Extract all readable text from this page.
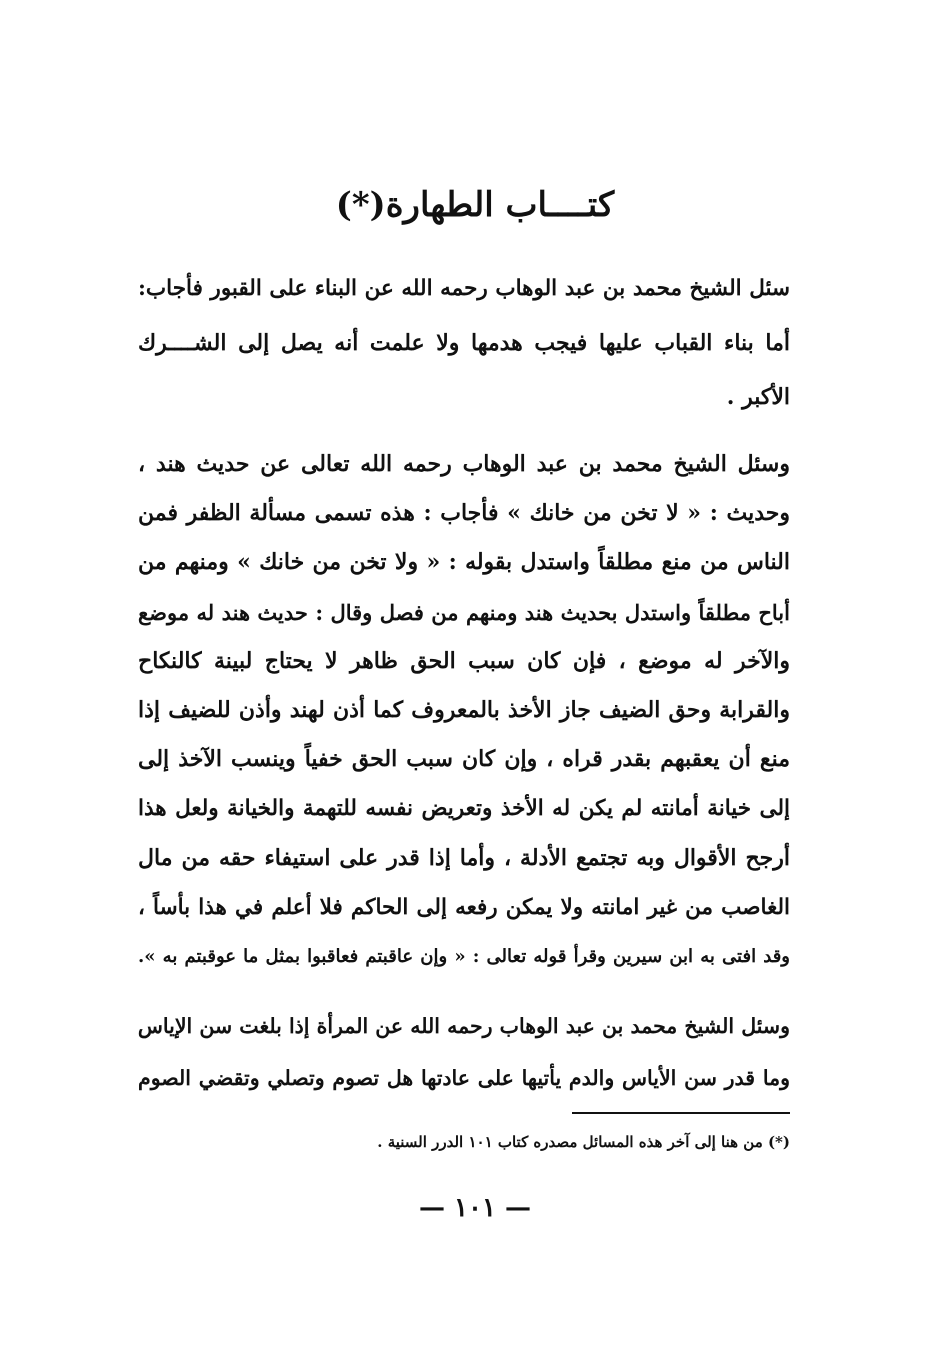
كتــــاب الطهارة(*)
سئل الشيخ محمد بن عبد الوهاب رحمه الله عن البناء على القبور فأجاب:
أما بناء القباب عليها فيجب هدمها ولا علمت أنه يصل إلى الشــــرك
الأكبر .
وسئل الشيخ محمد بن عبد الوهاب رحمه الله تعالى عن حديث هند ،
وحديث : « لا تخن من خانك » فأجاب : هذه تسمى مسألة الظفر فمن
الناس من منع مطلقاً واستدل بقوله : « ولا تخن من خانك » ومنهم من
أباح مطلقاً واستدل بحديث هند ومنهم من فصل وقال : حديث هند له موضع
والآخر له موضع ، فإن كان سبب الحق ظاهر لا يحتاج لبينة كالنكاح
والقرابة وحق الضيف جاز الأخذ بالمعروف كما أذن لهند وأذن للضيف إذا
منع أن يعقبهم بقدر قراه ، وإن كان سبب الحق خفياً وينسب الآخذ إلى
إلى خيانة أمانته لم يكن له الأخذ وتعريض نفسه للتهمة والخيانة ولعل هذا
أرجح الأقوال وبه تجتمع الأدلة ، وأما إذا قدر على استيفاء حقه من مال
الغاصب من غير امانته ولا يمكن رفعه إلى الحاكم فلا أعلم في هذا بأساً ،
وقد افتى به ابن سيرين وقرأ قوله تعالى : « وإن عاقبتم فعاقبوا بمثل ما عوقبتم به ».
وسئل الشيخ محمد بن عبد الوهاب رحمه الله عن المرأة إذا بلغت سن الإياس
وما قدر سن الأياس والدم يأتيها على عادتها هل تصوم وتصلي وتقضي الصوم
(*) من هنا إلى آخر هذه المسائل مصدره كتاب ١٠١ الدرر السنية .
— ١٠١ —
